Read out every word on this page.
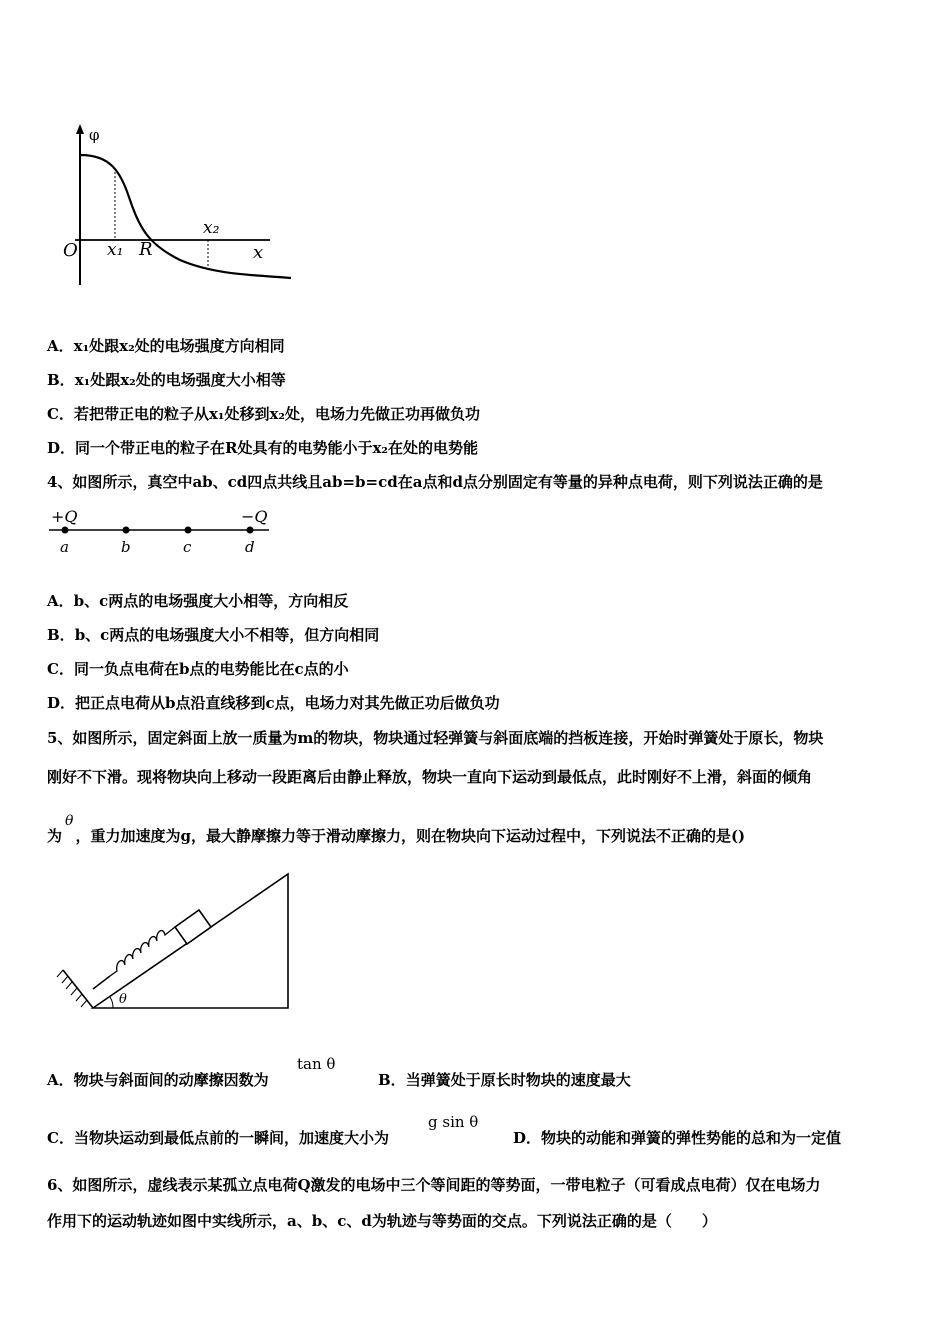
φ
O x₁ R
x₂
x
A．x₁处跟x₂处的电场强度方向相同
B．x₁处跟x₂处的电场强度大小相等
C．若把带正电的粒子从x₁处移到x₂处，电场力先做正功再做负功
D．同一个带正电的粒子在R处具有的电势能小于x₂在处的电势能
4、如图所示，真空中ab、cd四点共线且ab=b=cd在a点和d点分别固定有等量的异种点电荷，则下列说法正确的是
+Q	−Q
a	b	c	d
A．b、c两点的电场强度大小相等，方向相反
B．b、c两点的电场强度大小不相等，但方向相同
C．同一负点电荷在b点的电势能比在c点的小
D．把正点电荷从b点沿直线移到c点，电场力对其先做正功后做负功
5、如图所示，固定斜面上放一质量为m的物块，物块通过轻弹簧与斜面底端的挡板连接，开始时弹簧处于原长，物块
刚好不下滑。现将物块向上移动一段距离后由静止释放，物块一直向下运动到最低点，此时刚好不上滑，斜面的倾角
为θ，重力加速度为g，最大静摩擦力等于滑动摩擦力，则在物块向下运动过程中，下列说法不正确的是()
θ
A．物块与斜面间的动摩擦因数为
tan θ
B．当弹簧处于原长时物块的速度最大
C．当物块运动到最低点前的一瞬间，加速度大小为
g sin θ
D．物块的动能和弹簧的弹性势能的总和为一定值
6、如图所示，虚线表示某孤立点电荷Q激发的电场中三个等间距的等势面，一带电粒子（可看成点电荷）仅在电场力
作用下的运动轨迹如图中实线所示，a、b、c、d为轨迹与等势面的交点。下列说法正确的是（　　）
